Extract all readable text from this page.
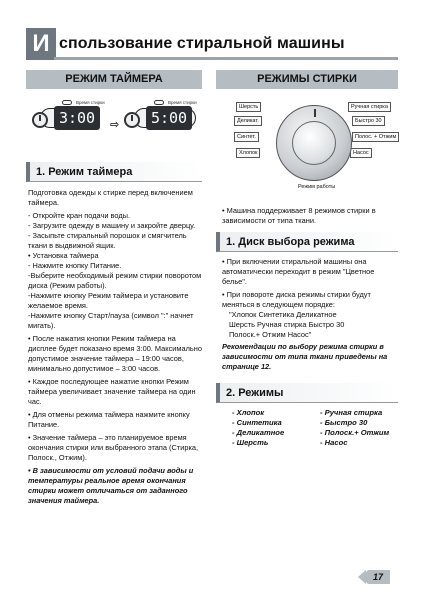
И спользование стиральной машины
РЕЖИМ ТАЙМЕРА	РЕЖИМЫ СТИРКИ
Время стирки
3:00	⇨
Время стирки
5:00
Шерсть
Деликат.
Синтет.
Хлопок
Ручная стирка
Быстро 30
Полос. + Отжим
Насос
Режим работы
1. Режим таймера

Подготовка одежды к стирке перед включением таймера.

- Откройте кран подачи воды.

- Загрузите одежду в машину и закройте дверцу.

- Засыпьте стиральный порошок и смягчитель ткани в выдвижной ящик.

• Установка таймера

- Нажмите кнопку Питание.

-Выберите необходимый режим стирки поворотом диска (Режим работы).

-Нажмите кнопку Режим таймера и установите желаемое время.

-Нажмите кнопку Старт/пауза (символ ":" начнет мигать).

• После нажатия кнопки Режим таймера на дисплее будет показано время 3:00. Максимально допустимое значение таймера – 19:00 часов, минимально допустимое – 3:00 часов.

• Каждое последующее нажатие кнопки Режим таймера увеличивает значение таймера на один час.

• Для отмены режима таймера нажмите кнопку Питание.

• Значение таймера – это планируемое время окончания стирки или выбранного этапа (Стирка, Полоск., Отжим).

• В зависимости от условий подачи воды и температуры реальное время окончания стирки может отличаться от заданного значения таймера.

• Машина поддерживает 8 режимов стирки в зависимости от типа ткани.
1. Диск выбора режима

• При включении стиральной машины она автоматически переходит в режим "Цветное белье".

• При повороте диска режимы стирки будут меняться в следующем порядке:

"Хлопок Синтетика Деликатное

Шерсть Ручная стирка Быстро 30

Полоск.+ Отжим Насос"

Рекомендации по выбору режима стирки в зависимости от типа ткани приведены на странице 12.

2. Режимы

- Хлопок

- Синтетика

- Деликатное

- Шерсть

- Ручная стирка

- Быстро 30

- Полоск.+ Отжим

- Насос

17
